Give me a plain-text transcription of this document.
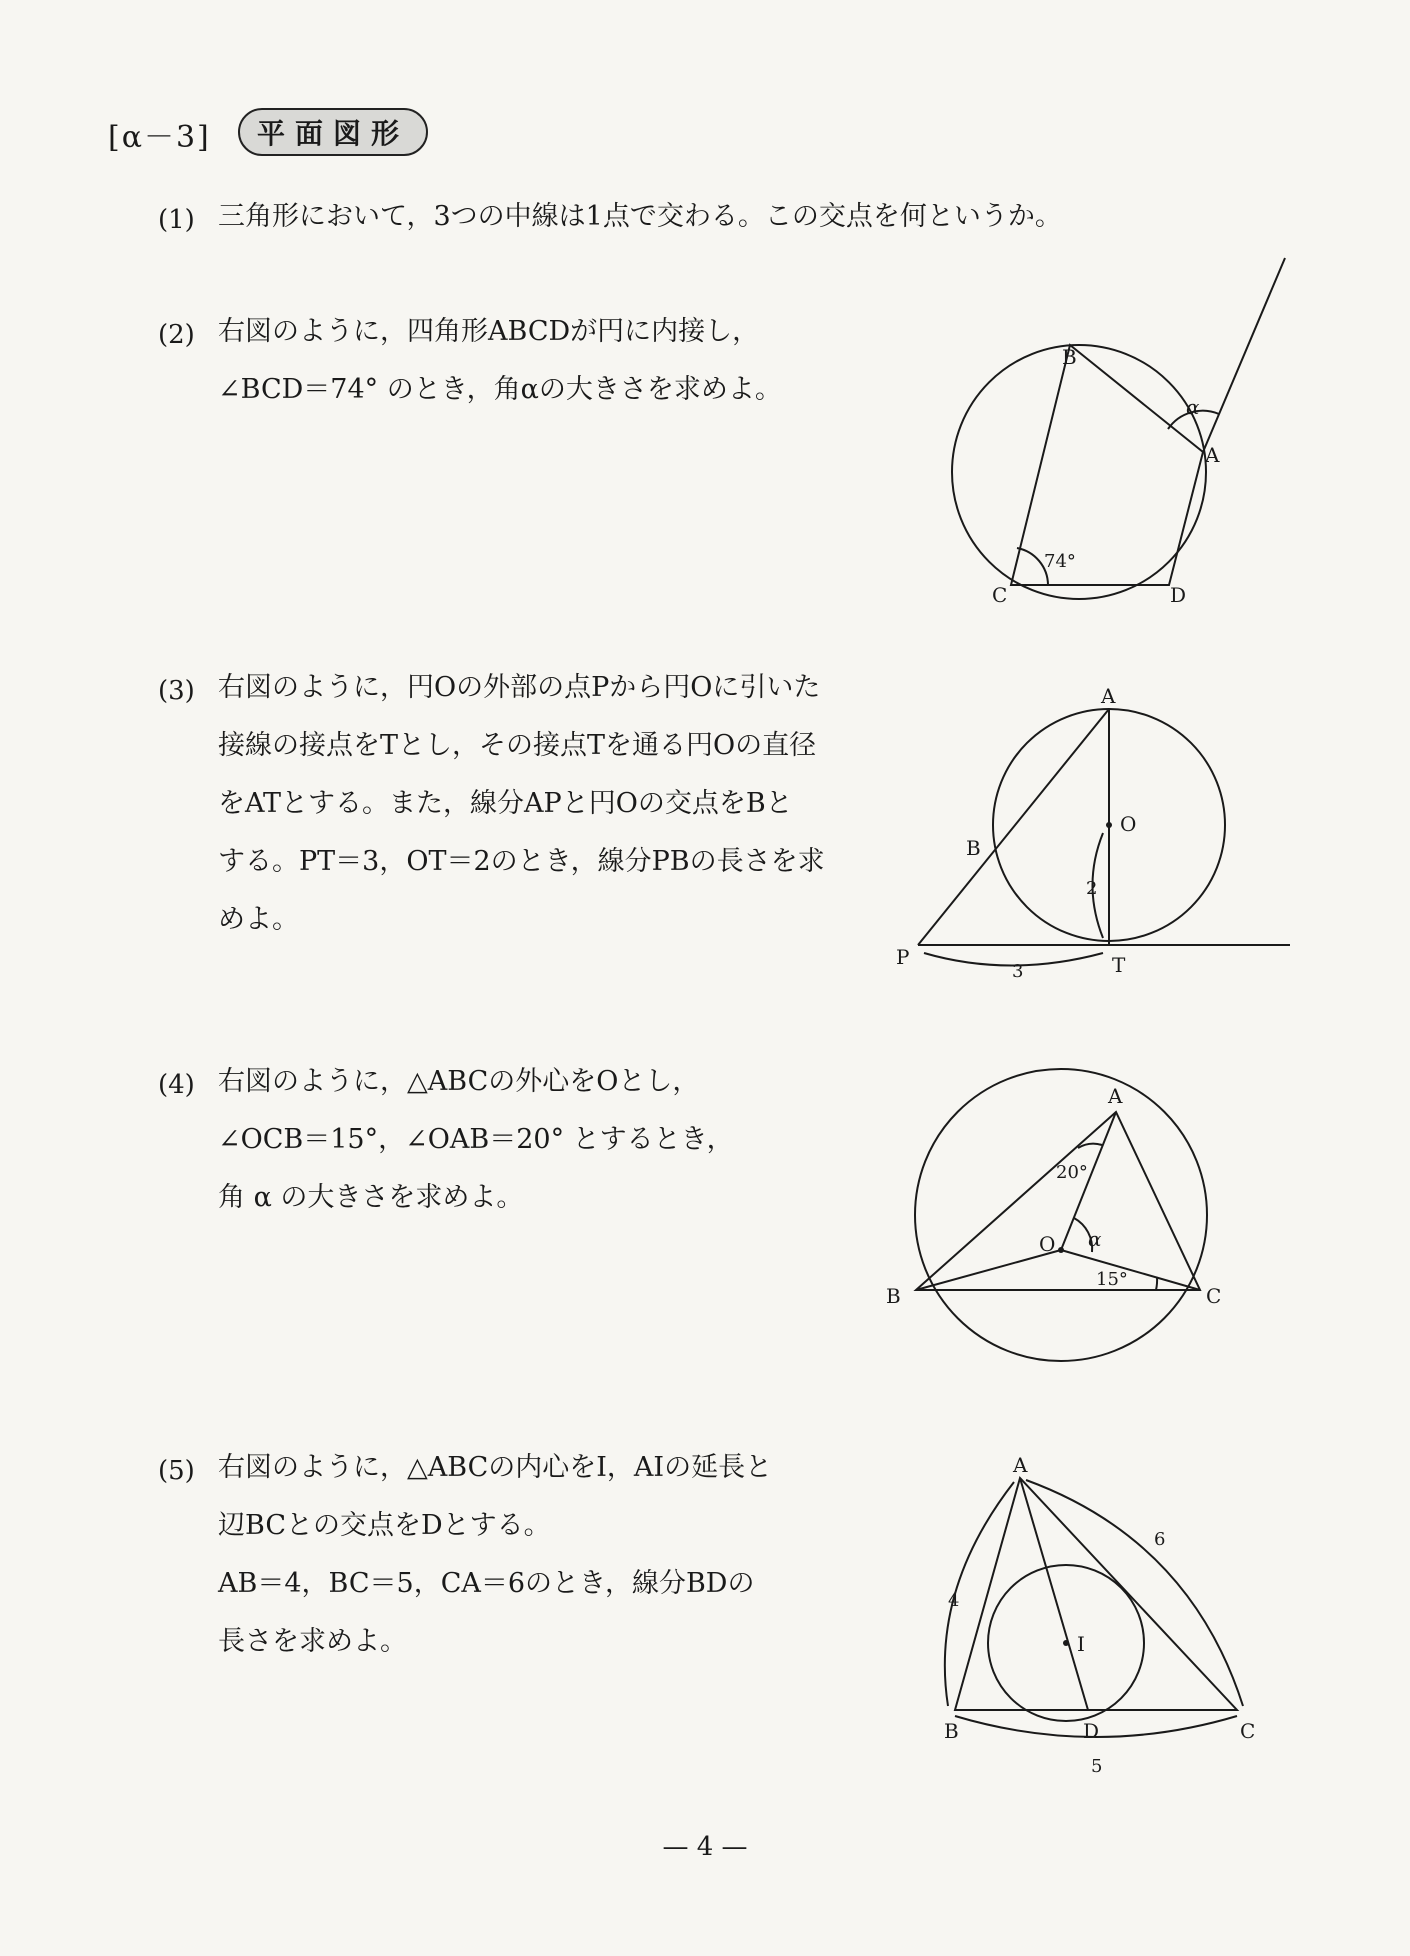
[α－3]	平面図形
(1) 三角形において，3つの中線は1点で交わる。この交点を何というか。
(2) 右図のように，四角形ABCDが円に内接し，
∠BCD＝74° のとき，角αの大きさを求めよ。
(3) 右図のように，円Oの外部の点Pから円Oに引いた
接線の接点をTとし，その接点Tを通る円Oの直径
をATとする。また，線分APと円Oの交点をBと
する。PT＝3，OT＝2のとき，線分PBの長さを求
めよ。
(4) 右図のように，△ABCの外心をOとし，
∠OCB＝15°，∠OAB＝20° とするとき，
角 α の大きさを求めよ。
(5) 右図のように，△ABCの内心をI，AIの延長と
辺BCとの交点をDとする。
AB＝4，BC＝5，CA＝6のとき，線分BDの
長さを求めよ。
A
B
C	D
α
74°
A
O
B
2
P
3	T
A
20°
O α
15°
B	C
A
6
4
I
B	D	C
5
— 4 —
